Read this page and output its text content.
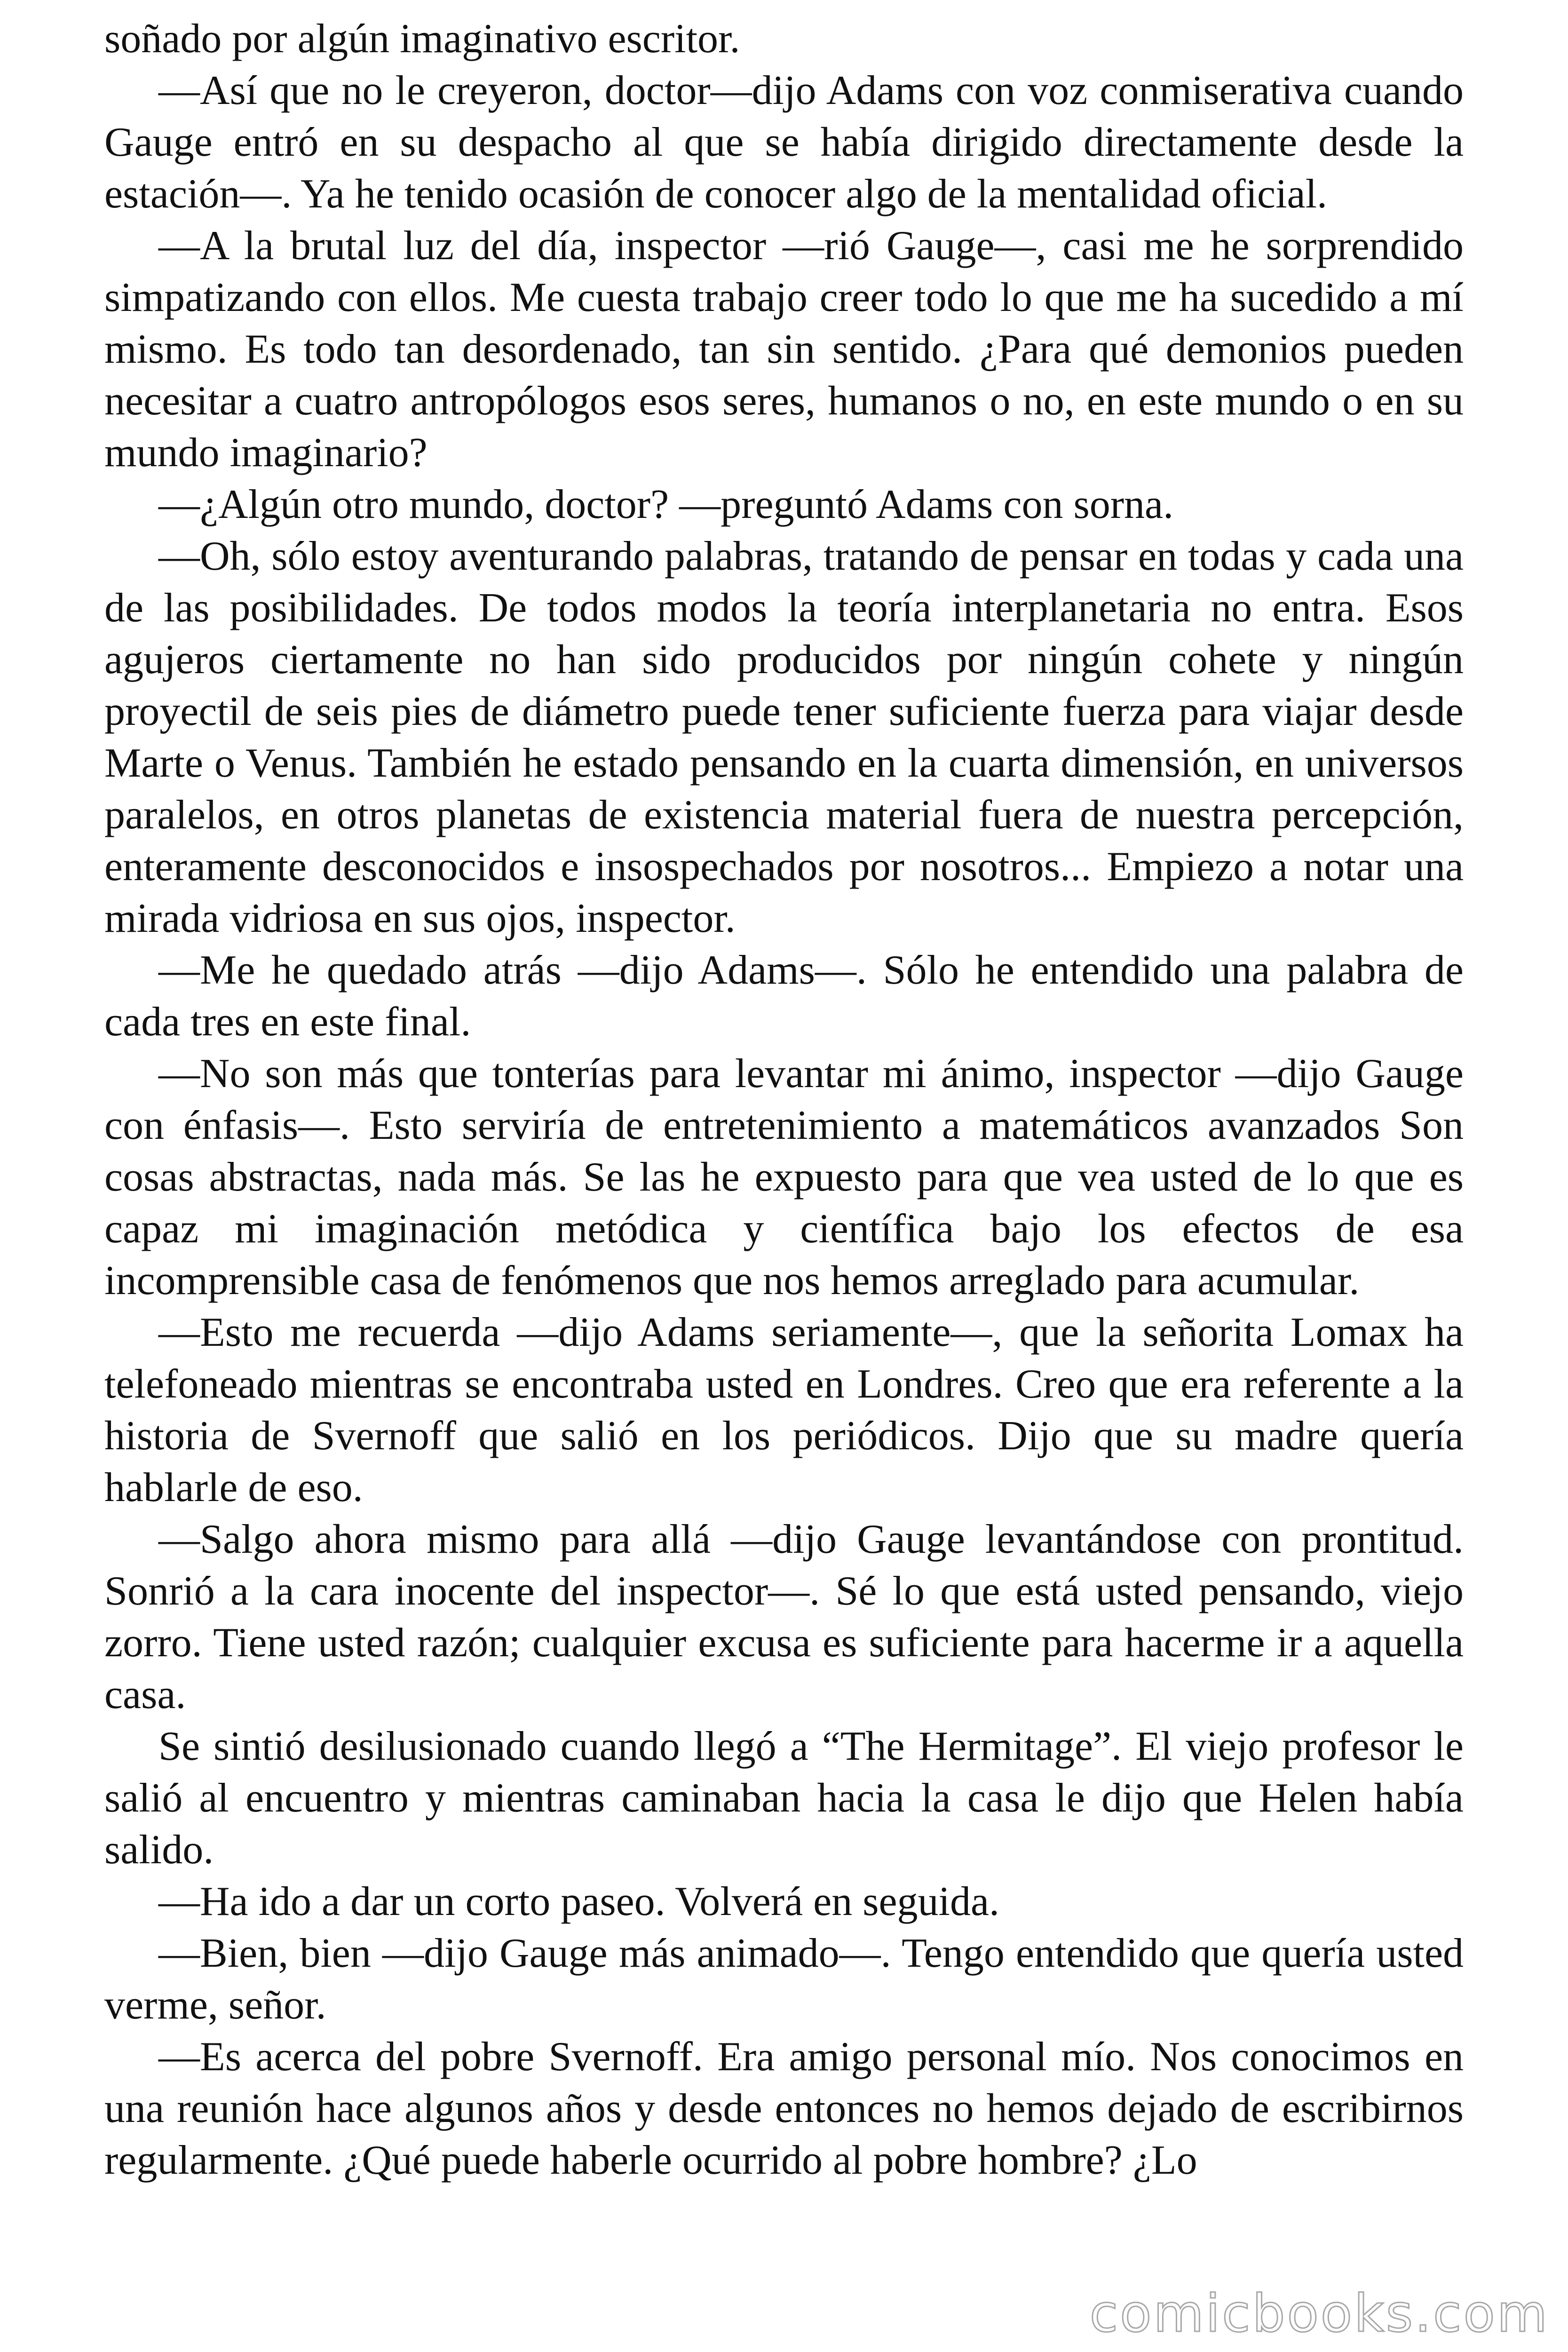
soñado por algún imaginativo escritor.

—Así que no le creyeron, doctor—dijo Adams con voz conmiserativa cuando Gauge entró en su despacho al que se había dirigido directamente desde la estación—. Ya he tenido ocasión de conocer algo de la mentalidad oficial.

—A la brutal luz del día, inspector —rió Gauge—, casi me he sorprendido simpatizando con ellos. Me cuesta trabajo creer todo lo que me ha sucedido a mí mismo. Es todo tan desordenado, tan sin sentido. ¿Para qué demonios pueden necesitar a cuatro antropólogos esos seres, humanos o no, en este mundo o en su mundo imaginario?

—¿Algún otro mundo, doctor? —preguntó Adams con sorna.

—Oh, sólo estoy aventurando palabras, tratando de pensar en todas y cada una de las posibilidades. De todos modos la teoría interplanetaria no entra. Esos agujeros ciertamente no han sido producidos por ningún cohete y ningún proyectil de seis pies de diámetro puede tener suficiente fuerza para viajar desde Marte o Venus. También he estado pensando en la cuarta dimensión, en universos paralelos, en otros planetas de existencia material fuera de nuestra percepción, enteramente desconocidos e insospechados por nosotros... Empiezo a notar una mirada vidriosa en sus ojos, inspector.

—Me he quedado atrás —dijo Adams—. Sólo he entendido una palabra de cada tres en este final.

—No son más que tonterías para levantar mi ánimo, inspector —dijo Gauge con énfasis—. Esto serviría de entretenimiento a matemáticos avanzados Son cosas abstractas, nada más. Se las he expuesto para que vea usted de lo que es capaz mi imaginación metódica y científica bajo los efectos de esa incomprensible casa de fenómenos que nos hemos arreglado para acumular.

—Esto me recuerda —dijo Adams seriamente—, que la señorita Lomax ha telefoneado mientras se encontraba usted en Londres. Creo que era referente a la historia de Svernoff que salió en los periódicos. Dijo que su madre quería hablarle de eso.

—Salgo ahora mismo para allá —dijo Gauge levantándose con prontitud. Sonrió a la cara inocente del inspector—. Sé lo que está usted pensando, viejo zorro. Tiene usted razón; cualquier excusa es suficiente para hacerme ir a aquella casa.

Se sintió desilusionado cuando llegó a “The Hermitage”. El viejo profesor le salió al encuentro y mientras caminaban hacia la casa le dijo que Helen había salido.

—Ha ido a dar un corto paseo. Volverá en seguida.

—Bien, bien —dijo Gauge más animado—. Tengo entendido que quería usted verme, señor.

—Es acerca del pobre Svernoff. Era amigo personal mío. Nos conocimos en una reunión hace algunos años y desde entonces no hemos dejado de escribirnos regularmente. ¿Qué puede haberle ocurrido al pobre hombre? ¿Lo

comicbooks.com
